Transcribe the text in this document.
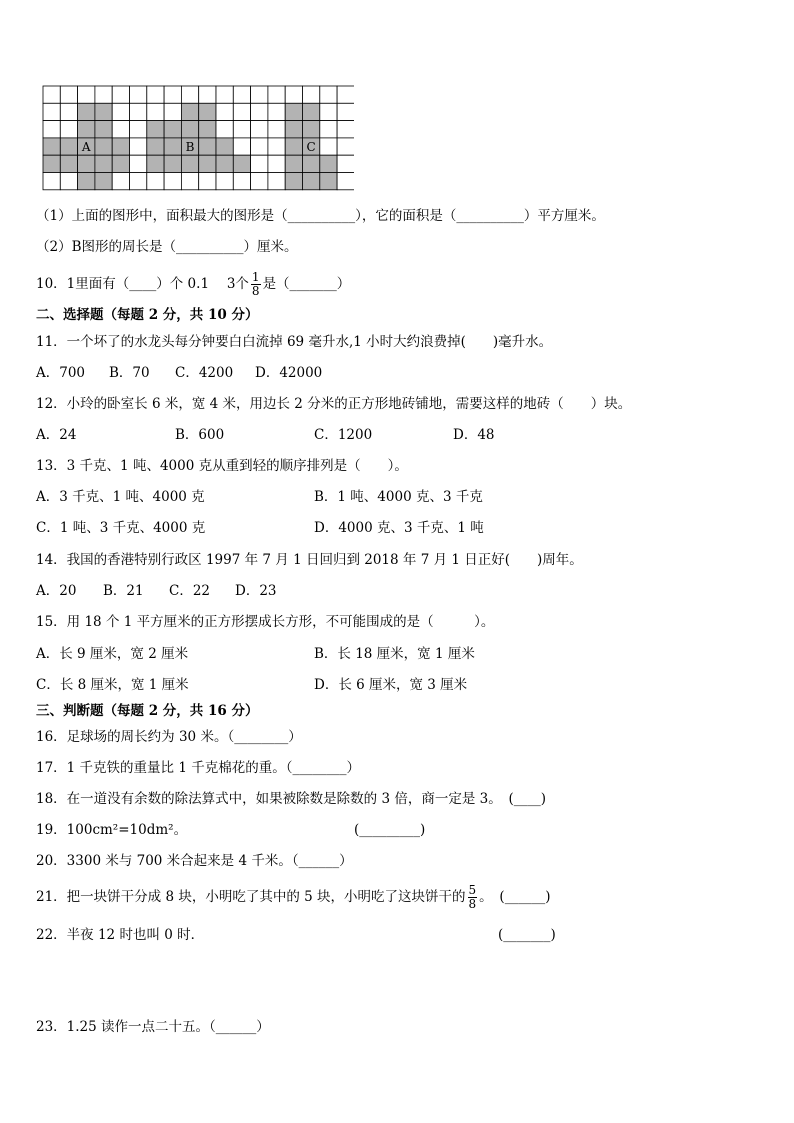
A	B	C
（1）上面的图形中，面积最大的图形是（__________），它的面积是（__________）平方厘米。
（2）B图形的周长是（__________）厘米。
10．1里面有（____）个 0.1　 3个 $\frac{1}{8}$ 是（_______）
二、选择题（每题 2 分，共 10 分）
11．一个坏了的水龙头每分钟要白白流掉 69 毫升水,1 小时大约浪费掉(　　)毫升水。
A．700 B．70 C．4200 D．42000
12．小玲的卧室长 6 米，宽 4 米，用边长 2 分米的正方形地砖铺地，需要这样的地砖（　　）块。
A．24	B．600	C．1200	D．48
13．3 千克、1 吨、4000 克从重到轻的顺序排列是（　　）。
A．3 千克、1 吨、4000 克	B．1 吨、4000 克、3 千克
C．1 吨、3 千克、4000 克	D．4000 克、3 千克、1 吨
14．我国的香港特别行政区 1997 年 7 月 1 日回归到 2018 年 7 月 1 日正好(　　)周年。
A．20 B．21 C．22 D．23
15．用 18 个 1 平方厘米的正方形摆成长方形，不可能围成的是（　　　）。
A．长 9 厘米，宽 2 厘米	B．长 18 厘米，宽 1 厘米
C．长 8 厘米，宽 1 厘米	D．长 6 厘米，宽 3 厘米
三、判断题（每题 2 分，共 16 分）
16．足球场的周长约为 30 米。（________）
17．1 千克铁的重量比 1 千克棉花的重。（________）
18．在一道没有余数的除法算式中，如果被除数是除数的 3 倍，商一定是 3。　(____)
19．100cm²=10dm²。	(_________)
20．3300 米与 700 米合起来是 4 千米。（______）
21．把一块饼干分成 8 块，小明吃了其中的 5 块，小明吃了这块饼干的 $\frac{5}{8}$ 。　(______)
22．半夜 12 时也叫 0 时．	(_______)
23．1.25 读作一点二十五。（______）
